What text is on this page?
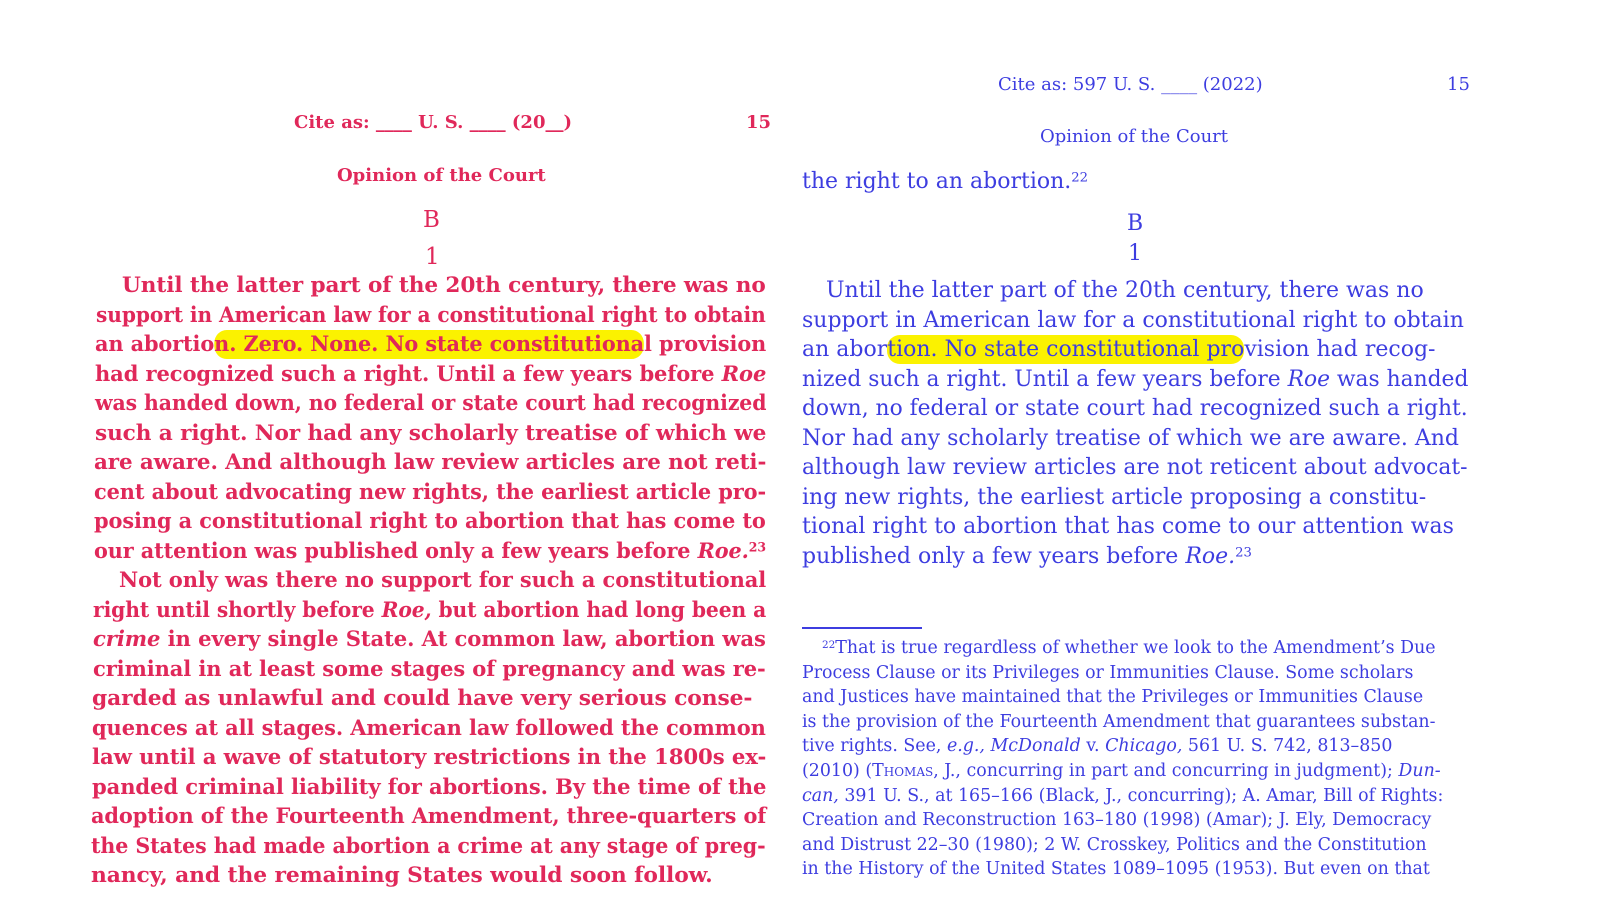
Cite as: ____ U. S. ____ (20__)	15
Opinion of the Court
B
1
Until the latter part of the 20th century, there was no
support in American law for a constitutional right to obtain
an abortion. Zero. None. No state constitutional provision
had recognized such a right. Until a few years before Roe
was handed down, no federal or state court had recognized
such a right. Nor had any scholarly treatise of which we
are aware. And although law review articles are not reti-
cent about advocating new rights, the earliest article pro-
posing a constitutional right to abortion that has come to
our attention was published only a few years before Roe.$^{23}$
Not only was there no support for such a constitutional
right until shortly before Roe, but abortion had long been a
crime in every single State. At common law, abortion was
criminal in at least some stages of pregnancy and was re-
garded as unlawful and could have very serious conse-
quences at all stages. American law followed the common
law until a wave of statutory restrictions in the 1800s ex-
panded criminal liability for abortions. By the time of the
adoption of the Fourteenth Amendment, three-quarters of
the States had made abortion a crime at any stage of preg-
nancy, and the remaining States would soon follow.
Cite as: 597 U. S. ____ (2022)	15
Opinion of the Court
the right to an abortion.$^{22}$
B
1
Until the latter part of the 20th century, there was no
support in American law for a constitutional right to obtain
an abortion. No state constitutional provision had recog-
nized such a right. Until a few years before Roe was handed
down, no federal or state court had recognized such a right.
Nor had any scholarly treatise of which we are aware. And
although law review articles are not reticent about advocat-
ing new rights, the earliest article proposing a constitu-
tional right to abortion that has come to our attention was
published only a few years before Roe.$^{23}$
$^{22}$That is true regardless of whether we look to the Amendment’s Due
Process Clause or its Privileges or Immunities Clause. Some scholars
and Justices have maintained that the Privileges or Immunities Clause
is the provision of the Fourteenth Amendment that guarantees substan-
tive rights. See, e.g., McDonald v. Chicago, 561 U. S. 742, 813–850
(2010) (Thomas, J., concurring in part and concurring in judgment); Dun-
can, 391 U. S., at 165–166 (Black, J., concurring); A. Amar, Bill of Rights:
Creation and Reconstruction 163–180 (1998) (Amar); J. Ely, Democracy
and Distrust 22–30 (1980); 2 W. Crosskey, Politics and the Constitution
in the History of the United States 1089–1095 (1953). But even on that
